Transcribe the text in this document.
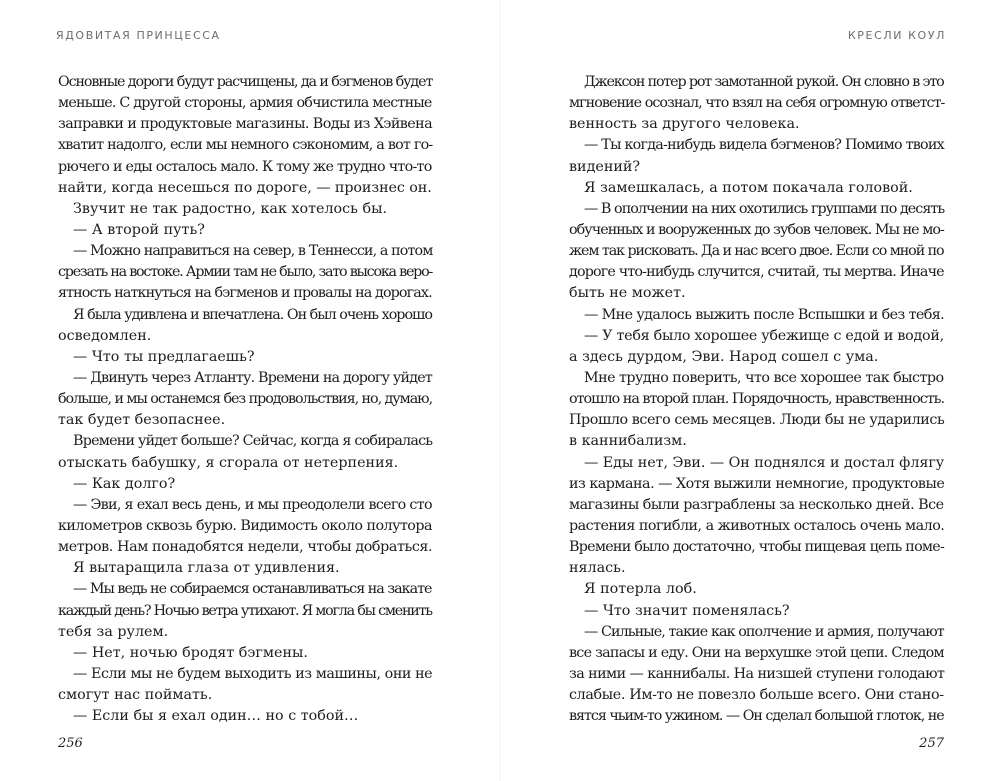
ЯДОВИТАЯ ПРИНЦЕССА
Основные дороги будут расчищены, да и бэгменов будет
меньше. С другой стороны, армия обчистила местные
заправки и продуктовые магазины. Воды из Хэйвена
хватит надолго, если мы немного сэкономим, а вот го-
рючего и еды осталось мало. К тому же трудно что-то
найти, когда несешься по дороге, — произнес он.
Звучит не так радостно, как хотелось бы.
— А второй путь?
— Можно направиться на север, в Теннесси, а потом
срезать на востоке. Армии там не было, зато высока веро-
ятность наткнуться на бэгменов и провалы на дорогах.
Я была удивлена и впечатлена. Он был очень хорошо
осведомлен.
— Что ты предлагаешь?
— Двинуть через Атланту. Времени на дорогу уйдет
больше, и мы останемся без продовольствия, но, думаю,
так будет безопаснее.
Времени уйдет больше? Сейчас, когда я собиралась
отыскать бабушку, я сгорала от нетерпения.
— Как долго?
— Эви, я ехал весь день, и мы преодолели всего сто
километров сквозь бурю. Видимость около полутора
метров. Нам понадобятся недели, чтобы добраться.
Я вытаращила глаза от удивления.
— Мы ведь не собираемся останавливаться на закате
каждый день? Ночью ветра утихают. Я могла бы сменить
тебя за рулем.
— Нет, ночью бродят бэгмены.
— Если мы не будем выходить из машины, они не
смогут нас поймать.
— Если бы я ехал один… но с тобой…
256
КРЕСЛИ КОУЛ
Джексон потер рот замотанной рукой. Он словно в это
мгновение осознал, что взял на себя огромную ответст-
венность за другого человека.
— Ты когда-нибудь видела бэгменов? Помимо твоих
видений?
Я замешкалась, а потом покачала головой.
— В ополчении на них охотились группами по десять
обученных и вооруженных до зубов человек. Мы не мо-
жем так рисковать. Да и нас всего двое. Если со мной по
дороге что-нибудь случится, считай, ты мертва. Иначе
быть не может.
— Мне удалось выжить после Вспышки и без тебя.
— У тебя было хорошее убежище с едой и водой,
а здесь дурдом, Эви. Народ сошел с ума.
Мне трудно поверить, что все хорошее так быстро
отошло на второй план. Порядочность, нравственность.
Прошло всего семь месяцев. Люди бы не ударились
в каннибализм.
— Еды нет, Эви. — Он поднялся и достал флягу
из кармана. — Хотя выжили немногие, продуктовые
магазины были разграблены за несколько дней. Все
растения погибли, а животных осталось очень мало.
Времени было достаточно, чтобы пищевая цепь поме-
нялась.
Я потерла лоб.
— Что значит поменялась?
— Сильные, такие как ополчение и армия, получают
все запасы и еду. Они на верхушке этой цепи. Следом
за ними — каннибалы. На низшей ступени голодают
слабые. Им-то не повезло больше всего. Они стано-
вятся чьим-то ужином. — Он сделал большой глоток, не
257
